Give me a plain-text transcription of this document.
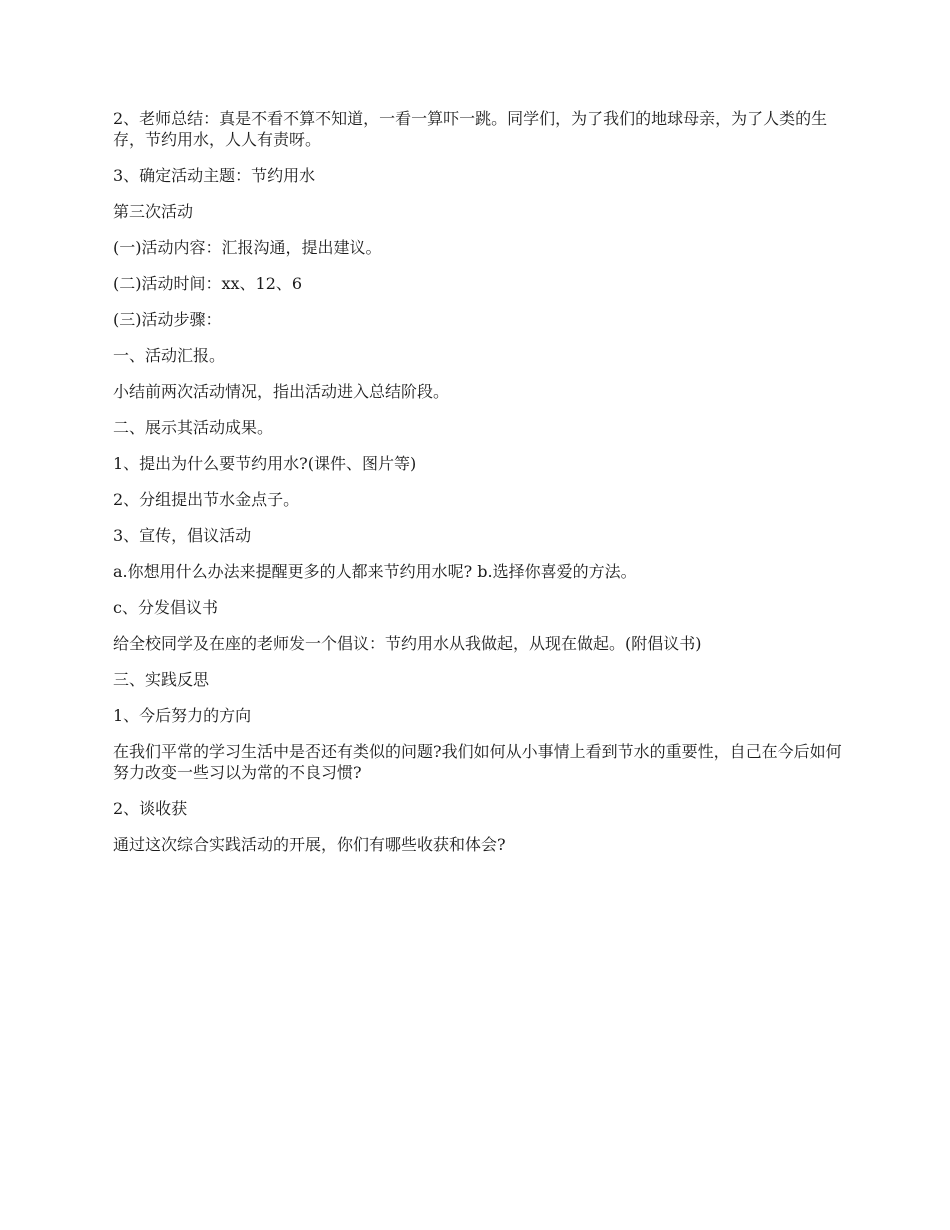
2、老师总结：真是不看不算不知道，一看一算吓一跳。同学们，为了我们的地球母亲，为了人类的生存，节约用水，人人有责呀。

3、确定活动主题：节约用水

第三次活动

(一)活动内容：汇报沟通，提出建议。

(二)活动时间：xx、12、6

(三)活动步骤：

一、活动汇报。

小结前两次活动情况，指出活动进入总结阶段。

二、展示其活动成果。

1、提出为什么要节约用水?(课件、图片等)

2、分组提出节水金点子。

3、宣传，倡议活动

a.你想用什么办法来提醒更多的人都来节约用水呢? b.选择你喜爱的方法。

c、分发倡议书

给全校同学及在座的老师发一个倡议：节约用水从我做起，从现在做起。(附倡议书)

三、实践反思

1、今后努力的方向

在我们平常的学习生活中是否还有类似的问题?我们如何从小事情上看到节水的重要性，自己在今后如何努力改变一些习以为常的不良习惯?

2、谈收获

通过这次综合实践活动的开展，你们有哪些收获和体会?
